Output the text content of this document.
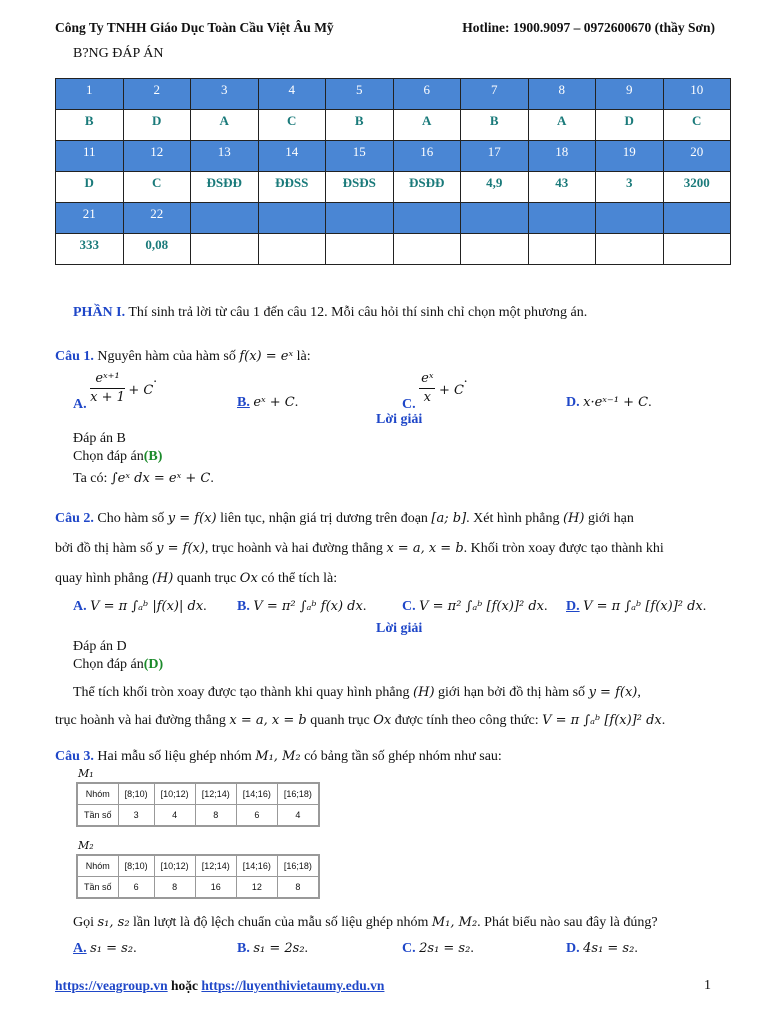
Công Ty TNHH Giáo Dục Toàn Cầu Việt Âu Mỹ	Hotline: 1900.9097 – 0972600670 (thầy Sơn)
B?NG ĐÁP ÁN
1	2	3	4	5	6	7	8	9	10
B	D	A	C	B	A	B	A	D	C
11	12	13	14	15	16	17	18	19	20
D	C	ĐSĐĐ	ĐĐSS	ĐSĐS	ĐSĐĐ	4,9	43	3	3200
21	22								
333	0,08								
PHẦN I. Thí sinh trả lời từ câu 1 đến câu 12. Mỗi câu hỏi thí sinh chỉ chọn một phương án.
Câu 1. Nguyên hàm của hàm số f(x) = eˣ là:
A. $\frac{\text{eˣ⁺¹}}{x + 1} + C$.
B. eˣ + C.	C. $\frac{\text{eˣ}}{x} + C$.
D. x·eˣ⁻¹ + C.
Lời giải
Đáp án B
Chọn đáp án(B)
Ta có: ∫eˣ dx = eˣ + C.
Câu 2. Cho hàm số y = f(x) liên tục, nhận giá trị dương trên đoạn [a; b]. Xét hình phẳng (H) giới hạn
bởi đồ thị hàm số y = f(x), trục hoành và hai đường thẳng x = a, x = b. Khối tròn xoay được tạo thành khi
quay hình phẳng (H) quanh trục Ox có thể tích là:
A. V = π ∫ₐᵇ |f(x)| dx. B. V = π² ∫ₐᵇ f(x) dx.	C. V = π² ∫ₐᵇ [f(x)]² dx. D. V = π ∫ₐᵇ [f(x)]² dx.
Lời giải
Đáp án D
Chọn đáp án(D)
Thể tích khối tròn xoay được tạo thành khi quay hình phẳng (H) giới hạn bởi đồ thị hàm số y = f(x),
trục hoành và hai đường thẳng x = a, x = b quanh trục Ox được tính theo công thức: V = π ∫ₐᵇ [f(x)]² dx.
Câu 3. Hai mẫu số liệu ghép nhóm M₁, M₂ có bảng tần số ghép nhóm như sau:
M₁
Nhóm	[8;10)	[10;12)	[12;14)	[14;16)	[16;18)
Tần số	3	4	8	6	4
M₂
Nhóm	[8;10)	[10;12)	[12;14)	[14;16)	[16;18)
Tần số	6	8	16	12	8
Gọi s₁, s₂ lần lượt là độ lệch chuẩn của mẫu số liệu ghép nhóm M₁, M₂. Phát biểu nào sau đây là đúng?
A. s₁ = s₂.	B. s₁ = 2s₂.	C. 2s₁ = s₂.	D. 4s₁ = s₂.
https://veagroup.vn hoặc https://luyenthivietaumy.edu.vn	1
